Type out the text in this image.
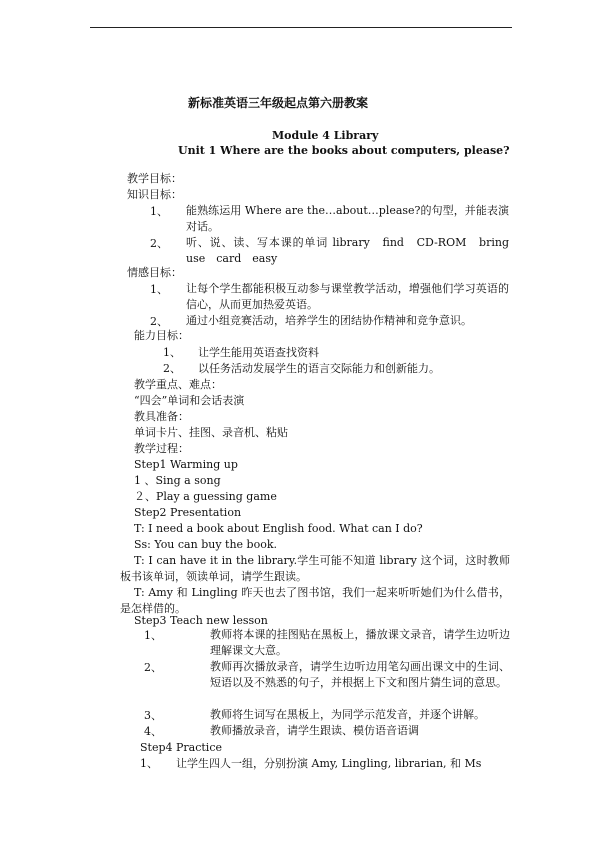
新标准英语三年级起点第六册教案
Module 4 Library
Unit 1 Where are the books about computers, please?
教学目标：
知识目标：
1、 能熟练运用 Where are the…about…please?的句型，并能表演对话。
2、 听、说、读、写本课的单词 library　find　CD-ROM　bring　use　card　easy
情感目标：
1、 让每个学生都能积极互动参与课堂教学活动，增强他们学习英语的信心，从而更加热爱英语。
2、 通过小组竞赛活动，培养学生的团结协作精神和竞争意识。
能力目标：
1、 让学生能用英语查找资料
2、 以任务活动发展学生的语言交际能力和创新能力。
教学重点、难点：
“四会”单词和会话表演
教具准备：
单词卡片、挂图、录音机、粘贴
教学过程：
Step1 Warming up
1 、Sing a song
２、Play a guessing game
Step2 Presentation
T: I need a book about English food. What can I do?
Ss: You can buy the book.
T: I can have it in the library.学生可能不知道 library 这个词，这时教师板书该单词，领读单词，请学生跟读。
T: Amy 和 Lingling 昨天也去了图书馆，我们一起来听听她们为什么借书，是怎样借的。
Step3 Teach new lesson
1、	教师将本课的挂图贴在黑板上，播放课文录音，请学生边听边理解课文大意。
2、	教师再次播放录音，请学生边听边用笔勾画出课文中的生词、短语以及不熟悉的句子，并根据上下文和图片猜生词的意思。
3、	教师将生词写在黑板上，为同学示范发音，并逐个讲解。
4、	教师播放录音，请学生跟读、模仿语音语调
Step4 Practice
1、 让学生四人一组，分别扮演 Amy, Lingling, librarian, 和 Ms
